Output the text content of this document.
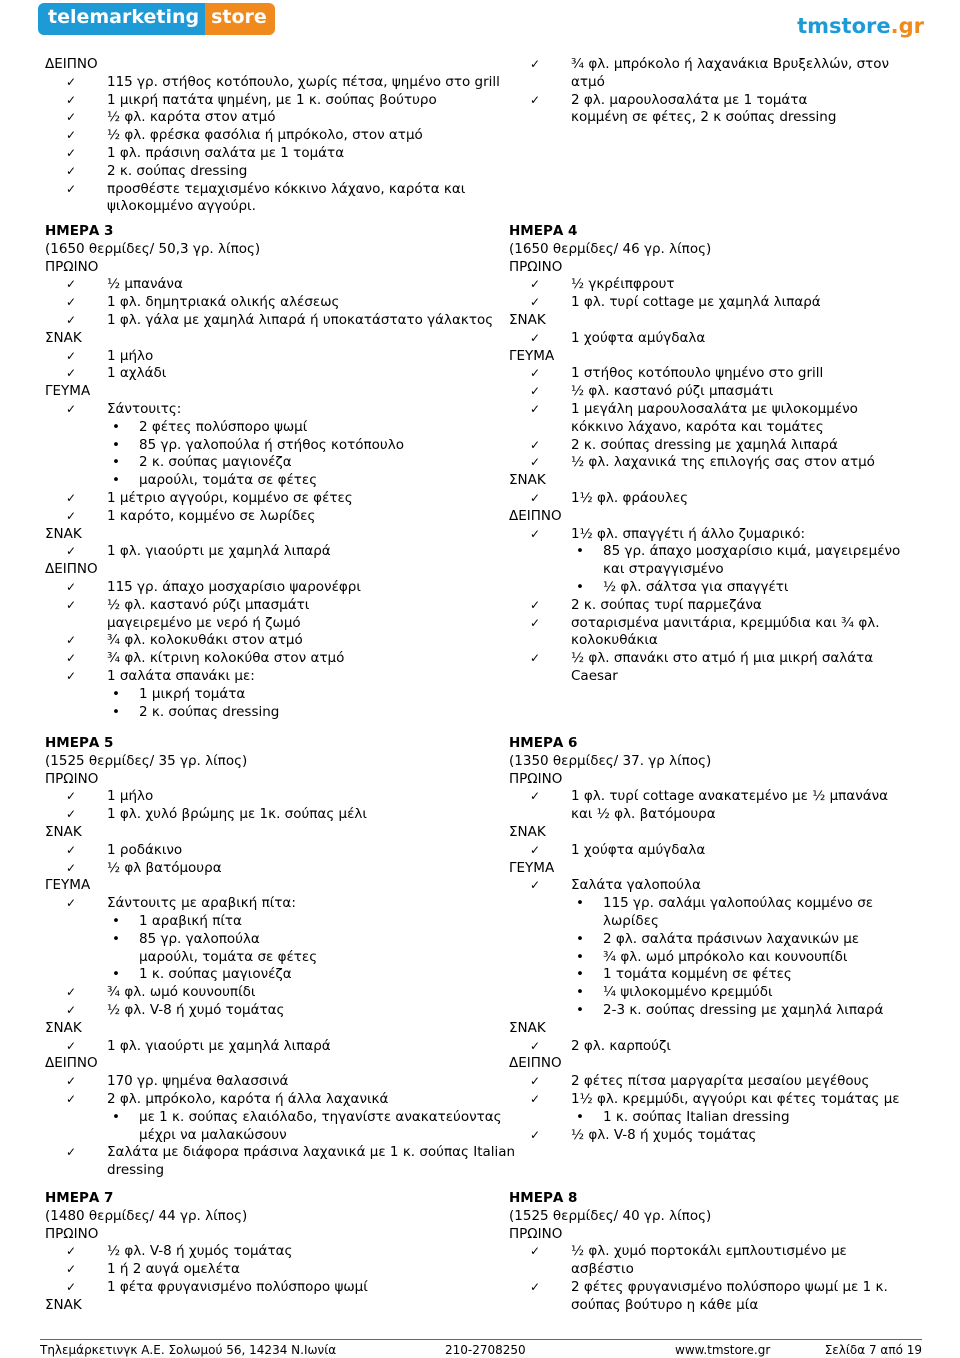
telemarketing store	tmstore.gr
ΔΕΙΠΝΟ
✓ 115 γρ. στήθος κοτόπουλο, χωρίς πέτσα, ψημένο στο grill
✓ 1 μικρή πατάτα ψημένη, με 1 κ. σούπας βούτυρο
✓ ½ φλ. καρότα στον ατμό
✓ ½ φλ. φρέσκα φασόλια ή μπρόκολο, στον ατμό
✓ 1 φλ. πράσινη σαλάτα με 1 τομάτα
✓ 2 κ. σούπας dressing
✓ προσθέστε τεμαχισμένο κόκκινο λάχανο, καρότα και
ψιλοκομμένο αγγούρι.
ΗΜΕΡΑ 3
(1650 θερμίδες/ 50,3 γρ. λίπος)
ΠΡΩΙΝΟ
✓ ½ μπανάνα
✓ 1 φλ. δημητριακά ολικής αλέσεως
✓ 1 φλ. γάλα με χαμηλά λιπαρά ή υποκατάστατο γάλακτος
ΣΝΑΚ
✓ 1 μήλο
✓ 1 αχλάδι
ΓΕΥΜΑ
✓ Σάντουιτς:
• 2 φέτες πολύσπορο ψωμί
• 85 γρ. γαλοπούλα ή στήθος κοτόπουλο
• 2 κ. σούπας μαγιονέζα
• μαρούλι, τομάτα σε φέτες
✓ 1 μέτριο αγγούρι, κομμένο σε φέτες
✓ 1 καρότο, κομμένο σε λωρίδες
ΣΝΑΚ
✓ 1 φλ. γιαούρτι με χαμηλά λιπαρά
ΔΕΙΠΝΟ
✓ 115 γρ. άπαχο μοσχαρίσιο ψαρονέφρι
✓ ½ φλ. καστανό ρύζι μπασμάτι
μαγειρεμένο με νερό ή ζωμό
✓ ¾ φλ. κολοκυθάκι στον ατμό
✓ ¾ φλ. κίτρινη κολοκύθα στον ατμό
✓ 1 σαλάτα σπανάκι με:
• 1 μικρή τομάτα
• 2 κ. σούπας dressing
ΗΜΕΡΑ 5
(1525 θερμίδες/ 35 γρ. λίπος)
ΠΡΩΙΝΟ
✓ 1 μήλο
✓ 1 φλ. χυλό βρώμης με 1κ. σούπας μέλι
ΣΝΑΚ
✓ 1 ροδάκινο
✓ ½ φλ βατόμουρα
ΓΕΥΜΑ
✓ Σάντουιτς με αραβική πίτα:
• 1 αραβική πίτα
• 85 γρ. γαλοπούλα
μαρούλι, τομάτα σε φέτες
• 1 κ. σούπας μαγιονέζα
✓ ¾ φλ. ωμό κουνουπίδι
✓ ½ φλ. V-8 ή χυμό τομάτας
ΣΝΑΚ
✓ 1 φλ. γιαούρτι με χαμηλά λιπαρά
ΔΕΙΠΝΟ
✓ 170 γρ. ψημένα θαλασσινά
✓ 2 φλ. μπρόκολο, καρότα ή άλλα λαχανικά
• με 1 κ. σούπας ελαιόλαδο, τηγανίστε ανακατεύοντας
μέχρι να μαλακώσουν
✓ Σαλάτα με διάφορα πράσινα λαχανικά με 1 κ. σούπας Italian
dressing
ΗΜΕΡΑ 7
(1480 θερμίδες/ 44 γρ. λίπος)
ΠΡΩΙΝΟ
✓ ½ φλ. V-8 ή χυμός τομάτας
✓ 1 ή 2 αυγά ομελέτα
✓ 1 φέτα φρυγανισμένο πολύσπορο ψωμί
ΣΝΑΚ
✓ ¾ φλ. μπρόκολο ή λαχανάκια Βρυξελλών, στον
ατμό
✓ 2 φλ. μαρουλοσαλάτα με 1 τομάτα
κομμένη σε φέτες, 2 κ σούπας dressing
ΗΜΕΡΑ 4
(1650 θερμίδες/ 46 γρ. λίπος)
ΠΡΩΙΝΟ
✓ ½ γκρέιπφρουτ
✓ 1 φλ. τυρί cottage με χαμηλά λιπαρά
ΣΝΑΚ
✓ 1 χούφτα αμύγδαλα
ΓΕΥΜΑ
✓ 1 στήθος κοτόπουλο ψημένο στο grill
✓ ½ φλ. καστανό ρύζι μπασμάτι
✓ 1 μεγάλη μαρουλοσαλάτα με ψιλοκομμένο
κόκκινο λάχανο, καρότα και τομάτες
✓ 2 κ. σούπας dressing με χαμηλά λιπαρά
✓ ½ φλ. λαχανικά της επιλογής σας στον ατμό
ΣΝΑΚ
✓ 1½ φλ. φράουλες
ΔΕΙΠΝΟ
✓ 1½ φλ. σπαγγέτι ή άλλο ζυμαρικό:
• 85 γρ. άπαχο μοσχαρίσιο κιμά, μαγειρεμένο
και στραγγισμένο
• ½ φλ. σάλτσα για σπαγγέτι
✓ 2 κ. σούπας τυρί παρμεζάνα
✓ σοταρισμένα μανιτάρια, κρεμμύδια και ¾ φλ.
κολοκυθάκια
✓ ½ φλ. σπανάκι στο ατμό ή μια μικρή σαλάτα
Caesar
ΗΜΕΡΑ 6
(1350 θερμίδες/ 37. γρ λίπος)
ΠΡΩΙΝΟ
✓ 1 φλ. τυρί cottage ανακατεμένο με ½ μπανάνα
και ½ φλ. βατόμουρα
ΣΝΑΚ
✓ 1 χούφτα αμύγδαλα
ΓΕΥΜΑ
✓ Σαλάτα γαλοπούλα
• 115 γρ. σαλάμι γαλοπούλας κομμένο σε
λωρίδες
• 2 φλ. σαλάτα πράσινων λαχανικών με
• ¾ φλ. ωμό μπρόκολο και κουνουπίδι
• 1 τομάτα κομμένη σε φέτες
• ¼ ψιλοκομμένο κρεμμύδι
• 2-3 κ. σούπας dressing με χαμηλά λιπαρά
ΣΝΑΚ
✓ 2 φλ. καρπούζι
ΔΕΙΠΝΟ
✓ 2 φέτες πίτσα μαργαρίτα μεσαίου μεγέθους
✓ 1½ φλ. κρεμμύδι, αγγούρι και φέτες τομάτας με
• 1 κ. σούπας Italian dressing
✓ ½ φλ. V-8 ή χυμός τομάτας
ΗΜΕΡΑ 8
(1525 θερμίδες/ 40 γρ. λίπος)
ΠΡΩΙΝΟ
✓ ½ φλ. χυμό πορτοκάλι εμπλουτισμένο με
ασβέστιο
✓ 2 φέτες φρυγανισμένο πολύσπορο ψωμί με 1 κ.
σούπας βούτυρο η κάθε μία
Τηλεμάρκετινγκ Α.Ε. Σολωμού 56, 14234 Ν.Ιωνία	210-2708250	www.tmstore.gr	Σελίδα 7 από 19
